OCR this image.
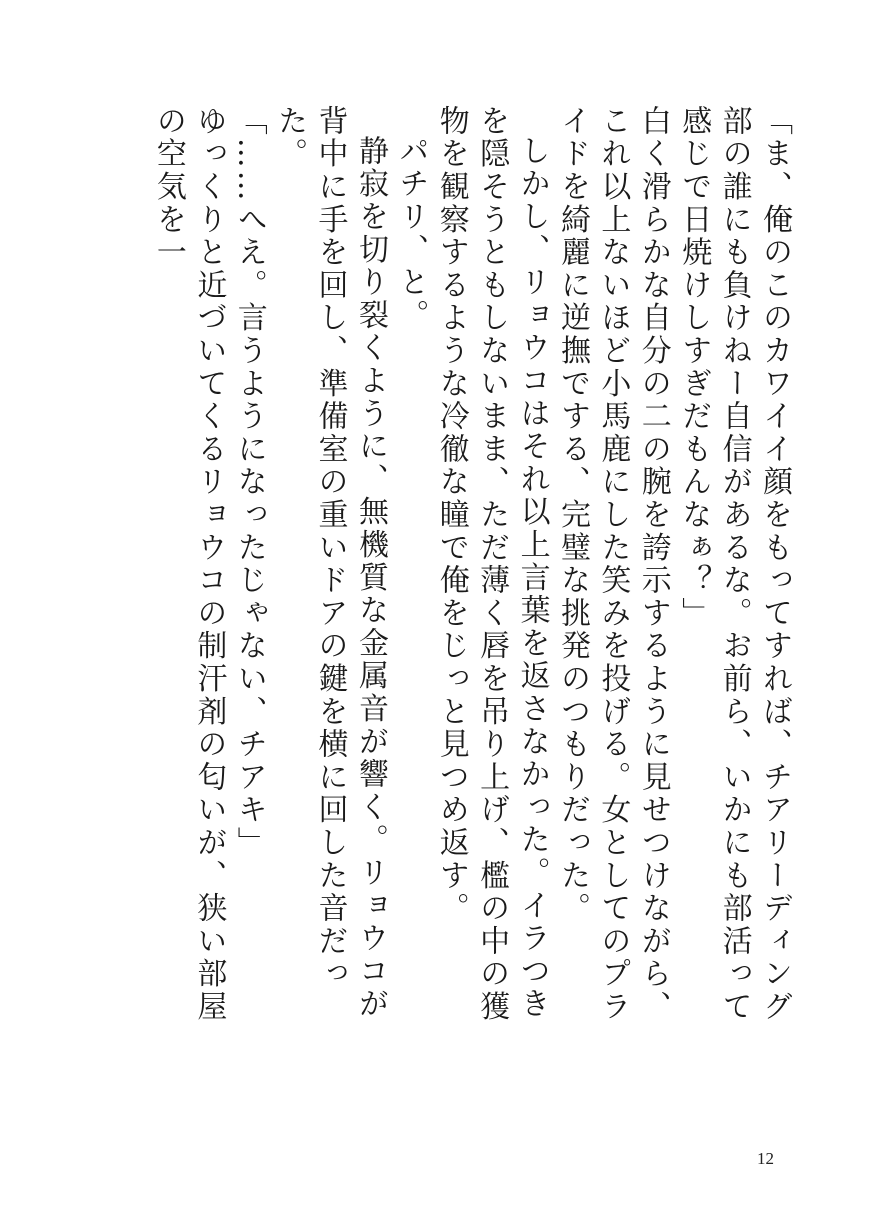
「ま、俺のこのカワイイ顔をもってすれば、チアリーディング部の誰にも負けねー自信があるな。お前ら、いかにも部活って感じで日焼けしすぎだもんなぁ？」

白く滑らかな自分の二の腕を誇示するように見せつけながら、これ以上ないほど小馬鹿にした笑みを投げる。女としてのプライドを綺麗に逆撫でする、完璧な挑発のつもりだった。

しかし、リョウコはそれ以上言葉を返さなかった。イラつきを隠そうともしないまま、ただ薄く唇を吊り上げ、檻の中の獲物を観察するような冷徹な瞳で俺をじっと見つめ返す。

パチリ、と。

静寂を切り裂くように、無機質な金属音が響く。リョウコが背中に手を回し、準備室の重いドアの鍵を横に回した音だった。

「……へえ。言うようになったじゃない、チアキ」

ゆっくりと近づいてくるリョウコの制汗剤の匂いが、狭い部屋の空気を一

12
